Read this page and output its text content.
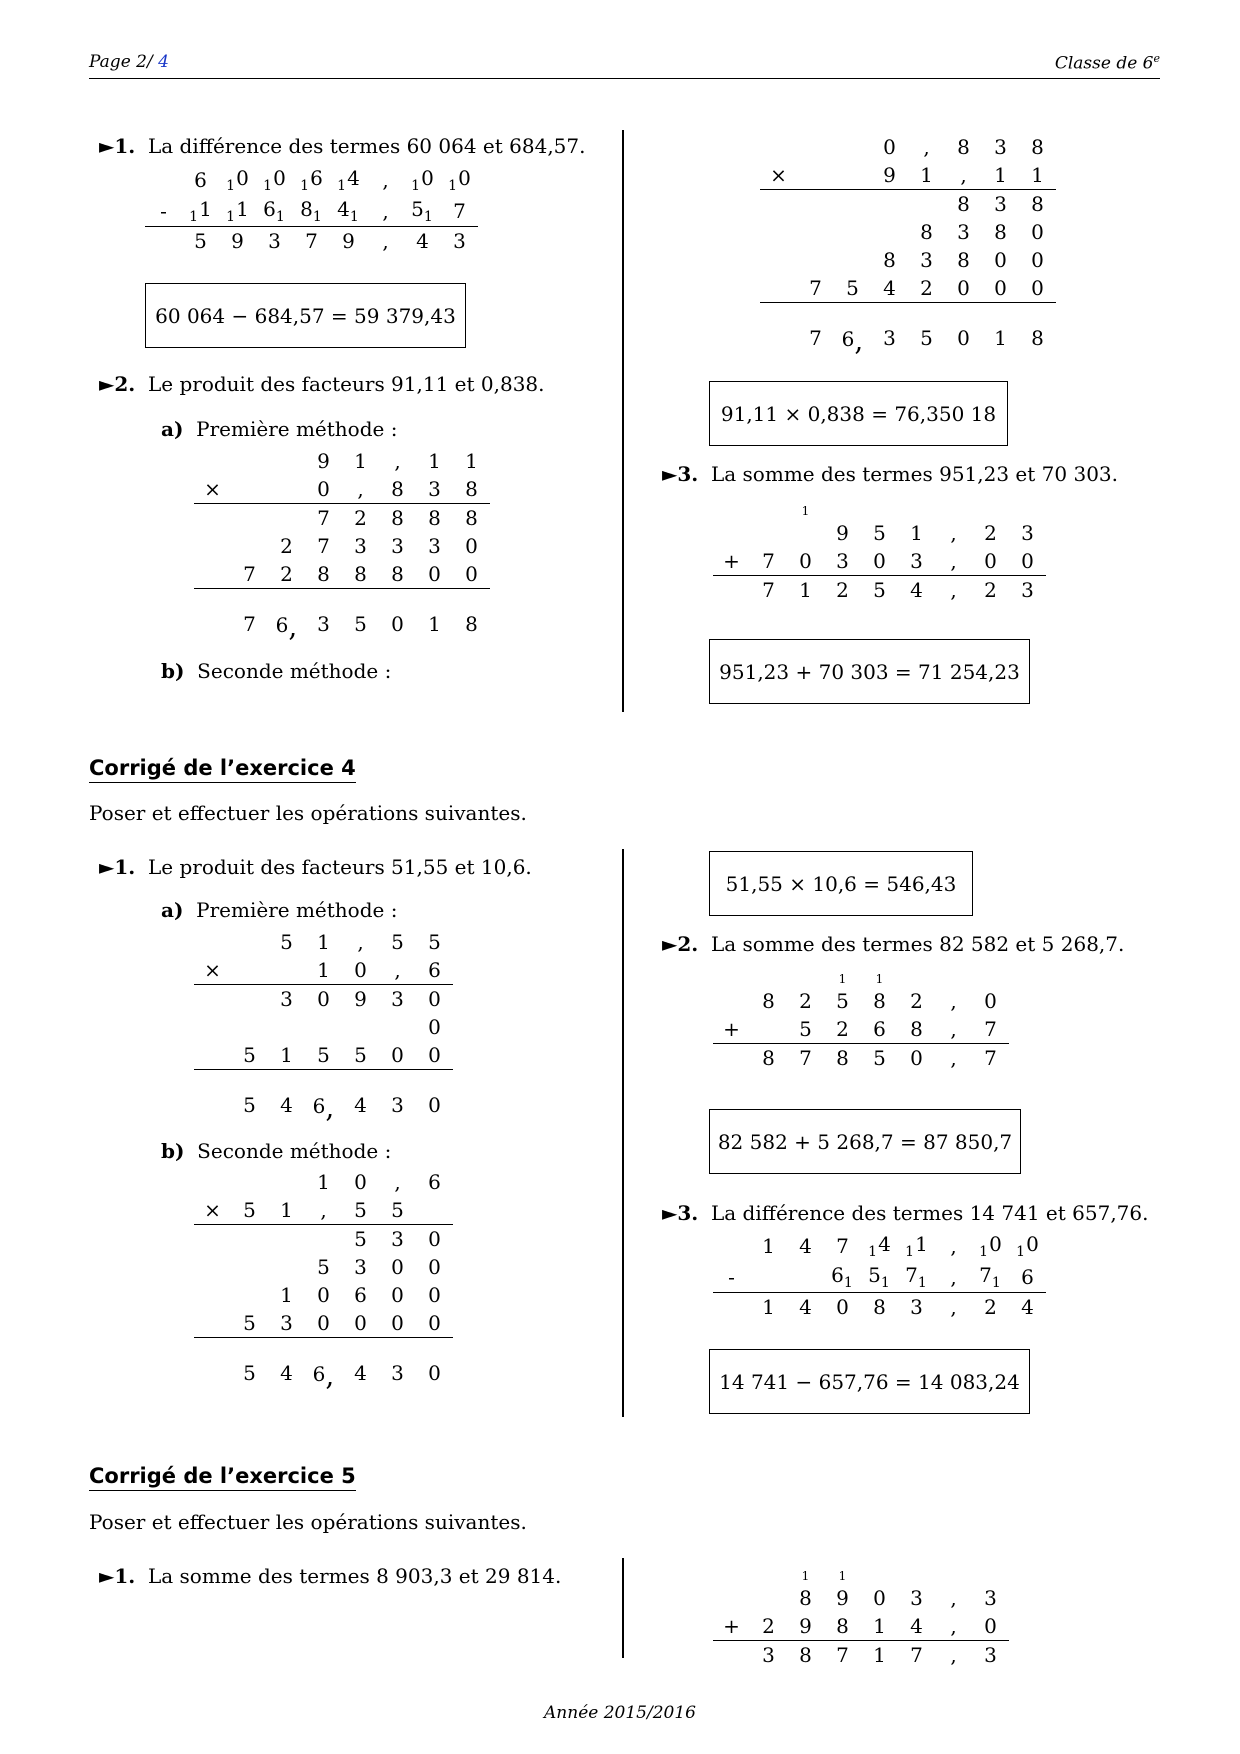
Page 2/ 4	Classe de 6e
►1. La différence des termes 60 064 et 684,57.
	6	$_1$0	$_1$0	$_1$6	$_1$4	,	$_1$0	$_1$0
-	$_1$1	$_1$1	$6_1$	$8_1$	$4_1$	,	$5_1$	7
	5	9	3	7	9	,	4	3
60 064 − 684,57 = 59 379,43
►2. Le produit des facteurs 91,11 et 0,838.
a) Première méthode :
			9	1	,	1	1
×			0	,	8	3	8
			7	2	8	8	8
		2	7	3	3	3	0
	7	2	8	8	8	0	0

	7	6,	3	5	0	1	8
b) Seconde méthode :
			0	,	8	3	8
×			9	1	,	1	1
					8	3	8
				8	3	8	0
			8	3	8	0	0
	7	5	4	2	0	0	0

	7	6,	3	5	0	1	8
91,11 × 0,838 = 76,350 18
►3. La somme des termes 951,23 et 70 303.
		1						
			9	5	1	,	2	3
+	7	0	3	0	3	,	0	0
	7	1	2	5	4	,	2	3
951,23 + 70 303 = 71 254,23
Corrigé de l’exercice 4
Poser et effectuer les opérations suivantes.
►1. Le produit des facteurs 51,55 et 10,6.
a) Première méthode :
		5	1	,	5	5
×			1	0	,	6
		3	0	9	3	0
						0
	5	1	5	5	0	0

	5	4	6,	4	3	0
b) Seconde méthode :
			1	0	,	6
×	5	1	,	5	5	
				5	3	0
			5	3	0	0
		1	0	6	0	0
	5	3	0	0	0	0

	5	4	6,	4	3	0
51,55 × 10,6 = 546,43
►2. La somme des termes 82 582 et 5 268,7.
			1	1			
	8	2	5	8	2	,	0
+		5	2	6	8	,	7
	8	7	8	5	0	,	7
82 582 + 5 268,7 = 87 850,7
►3. La différence des termes 14 741 et 657,76.
	1	4	7	$_1$4	$_1$1	,	$_1$0	$_1$0
-			$6_1$	$5_1$	$7_1$	,	$7_1$	6
	1	4	0	8	3	,	2	4
14 741 − 657,76 = 14 083,24
Corrigé de l’exercice 5
Poser et effectuer les opérations suivantes.
►1. La somme des termes 8 903,3 et 29 814.
			1	1				
		8	9	0	3	,	3
+	2	9	8	1	4	,	0
	3	8	7	1	7	,	3
Année 2015/2016
